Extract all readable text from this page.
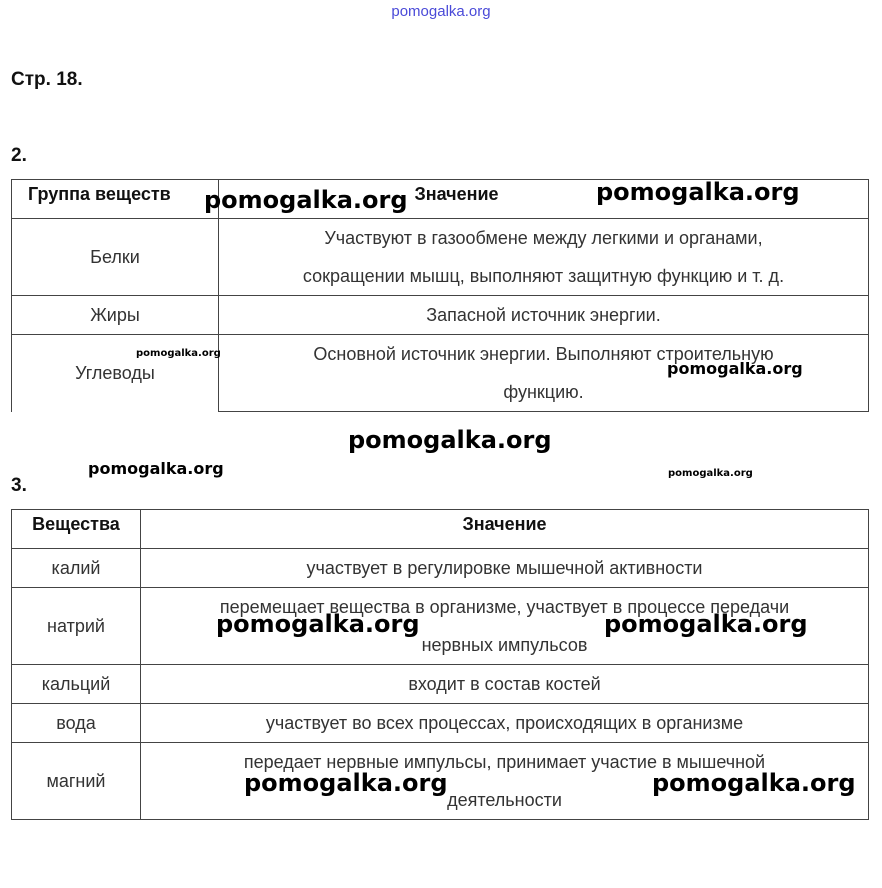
pomogalka.org
Стр. 18.
2.
Группа веществ	Значение
Белки	Участвуют в газообмене между легкими и органами,
сокращении мышц, выполняют защитную функцию и т. д.

Жиры	Запасной источник энергии.
Углеводы	Основной источник энергии. Выполняют строительную
функцию.
3.
Вещества	Значение
калий	участвует в регулировке мышечной активности
натрий	перемещает вещества в организме, участвует в процессе передачи
нервных импульсов

кальций	входит в состав костей
вода	участвует во всех процессах, происходящих в организме
магний	передает нервные импульсы, принимает участие в мышечной
деятельности
pomogalka.org	pomogalka.org
pomogalka.org
pomogalka.org
pomogalka.org
pomogalka.org	pomogalka.org
pomogalka.org	pomogalka.org
pomogalka.org	pomogalka.org
